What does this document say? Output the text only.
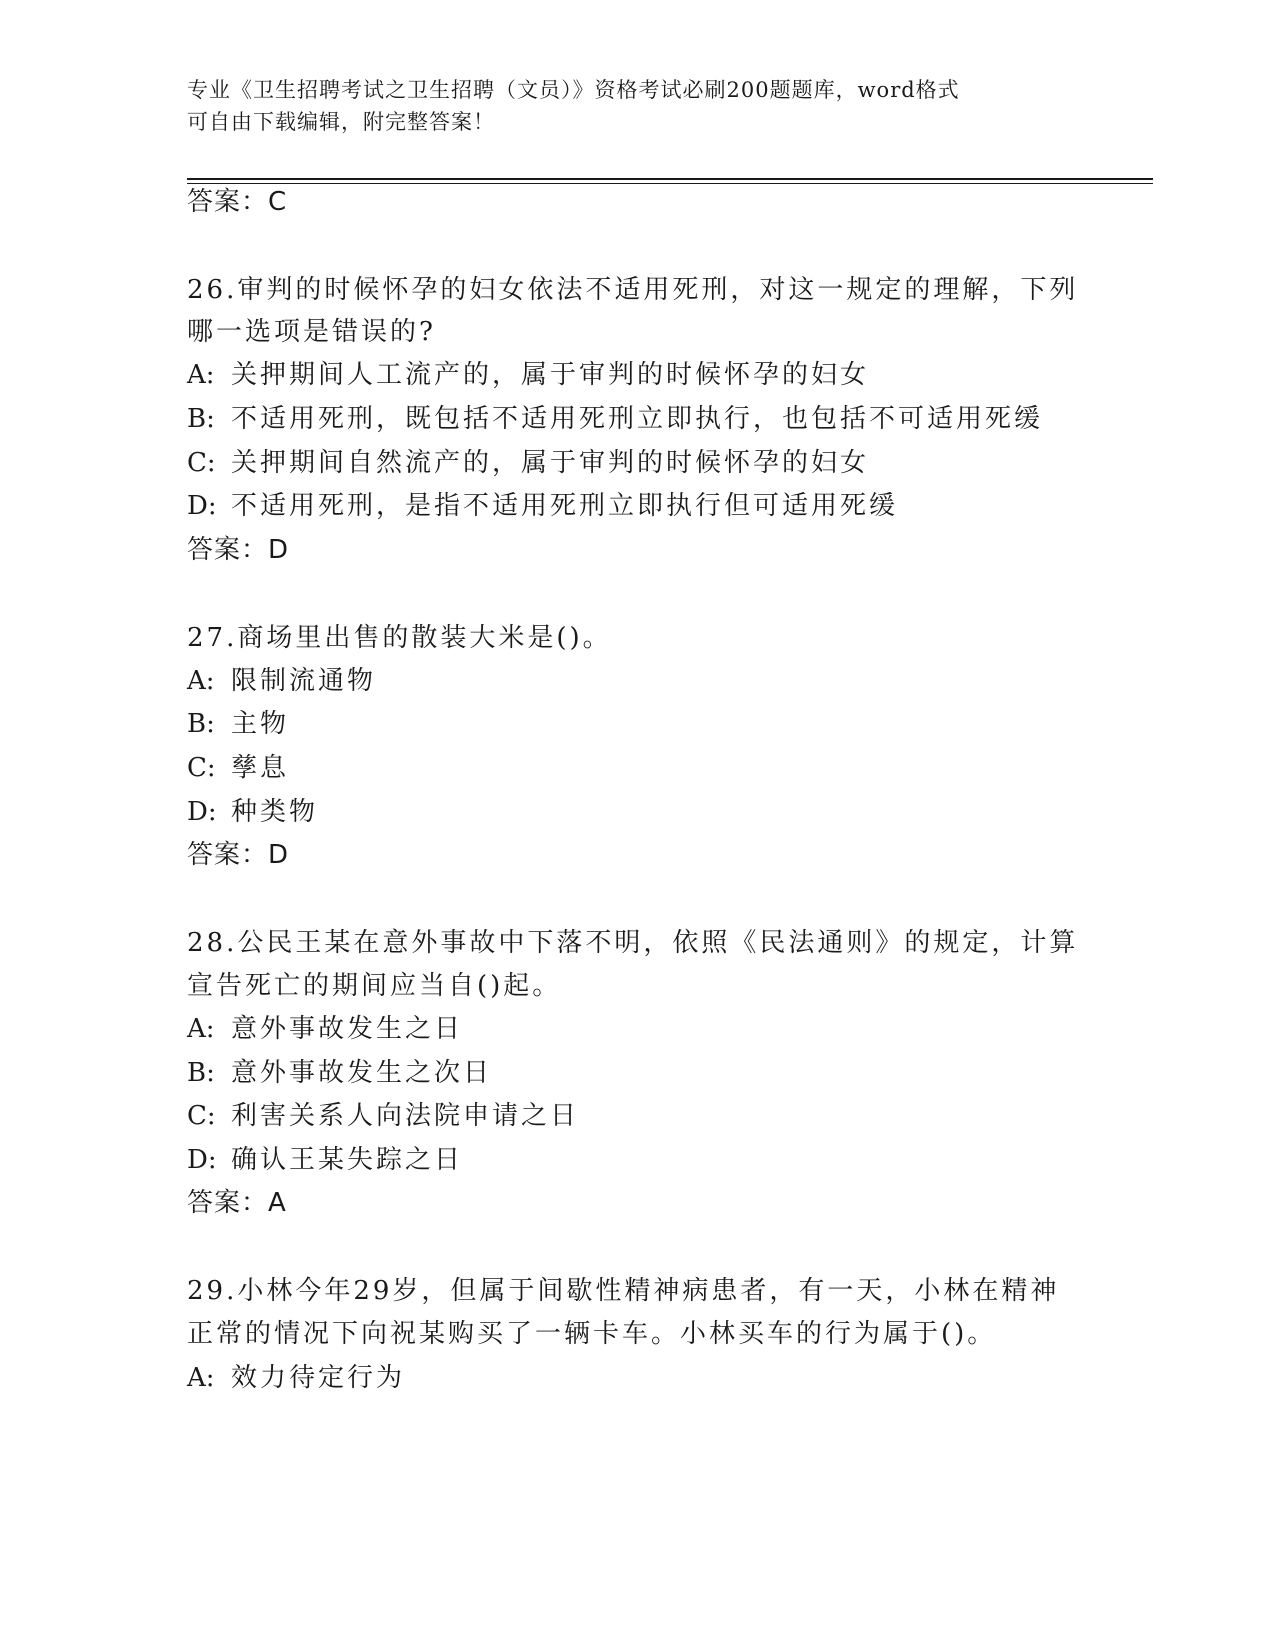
专业《卫生招聘考试之卫生招聘（文员）》资格考试必刷200题题库，word格式
可自由下载编辑，附完整答案！
答案：C
26.审判的时候怀孕的妇女依法不适用死刑，对这一规定的理解，下列
哪一选项是错误的?
A: 关押期间人工流产的，属于审判的时候怀孕的妇女
B: 不适用死刑，既包括不适用死刑立即执行，也包括不可适用死缓
C: 关押期间自然流产的，属于审判的时候怀孕的妇女
D: 不适用死刑，是指不适用死刑立即执行但可适用死缓
答案：D
27.商场里出售的散装大米是()。
A: 限制流通物
B: 主物
C: 孳息
D: 种类物
答案：D
28.公民王某在意外事故中下落不明，依照《民法通则》的规定，计算
宣告死亡的期间应当自()起。
A: 意外事故发生之日
B: 意外事故发生之次日
C: 利害关系人向法院申请之日
D: 确认王某失踪之日
答案：A
29.小林今年29岁，但属于间歇性精神病患者，有一天，小林在精神
正常的情况下向祝某购买了一辆卡车。小林买车的行为属于()。
A: 效力待定行为
